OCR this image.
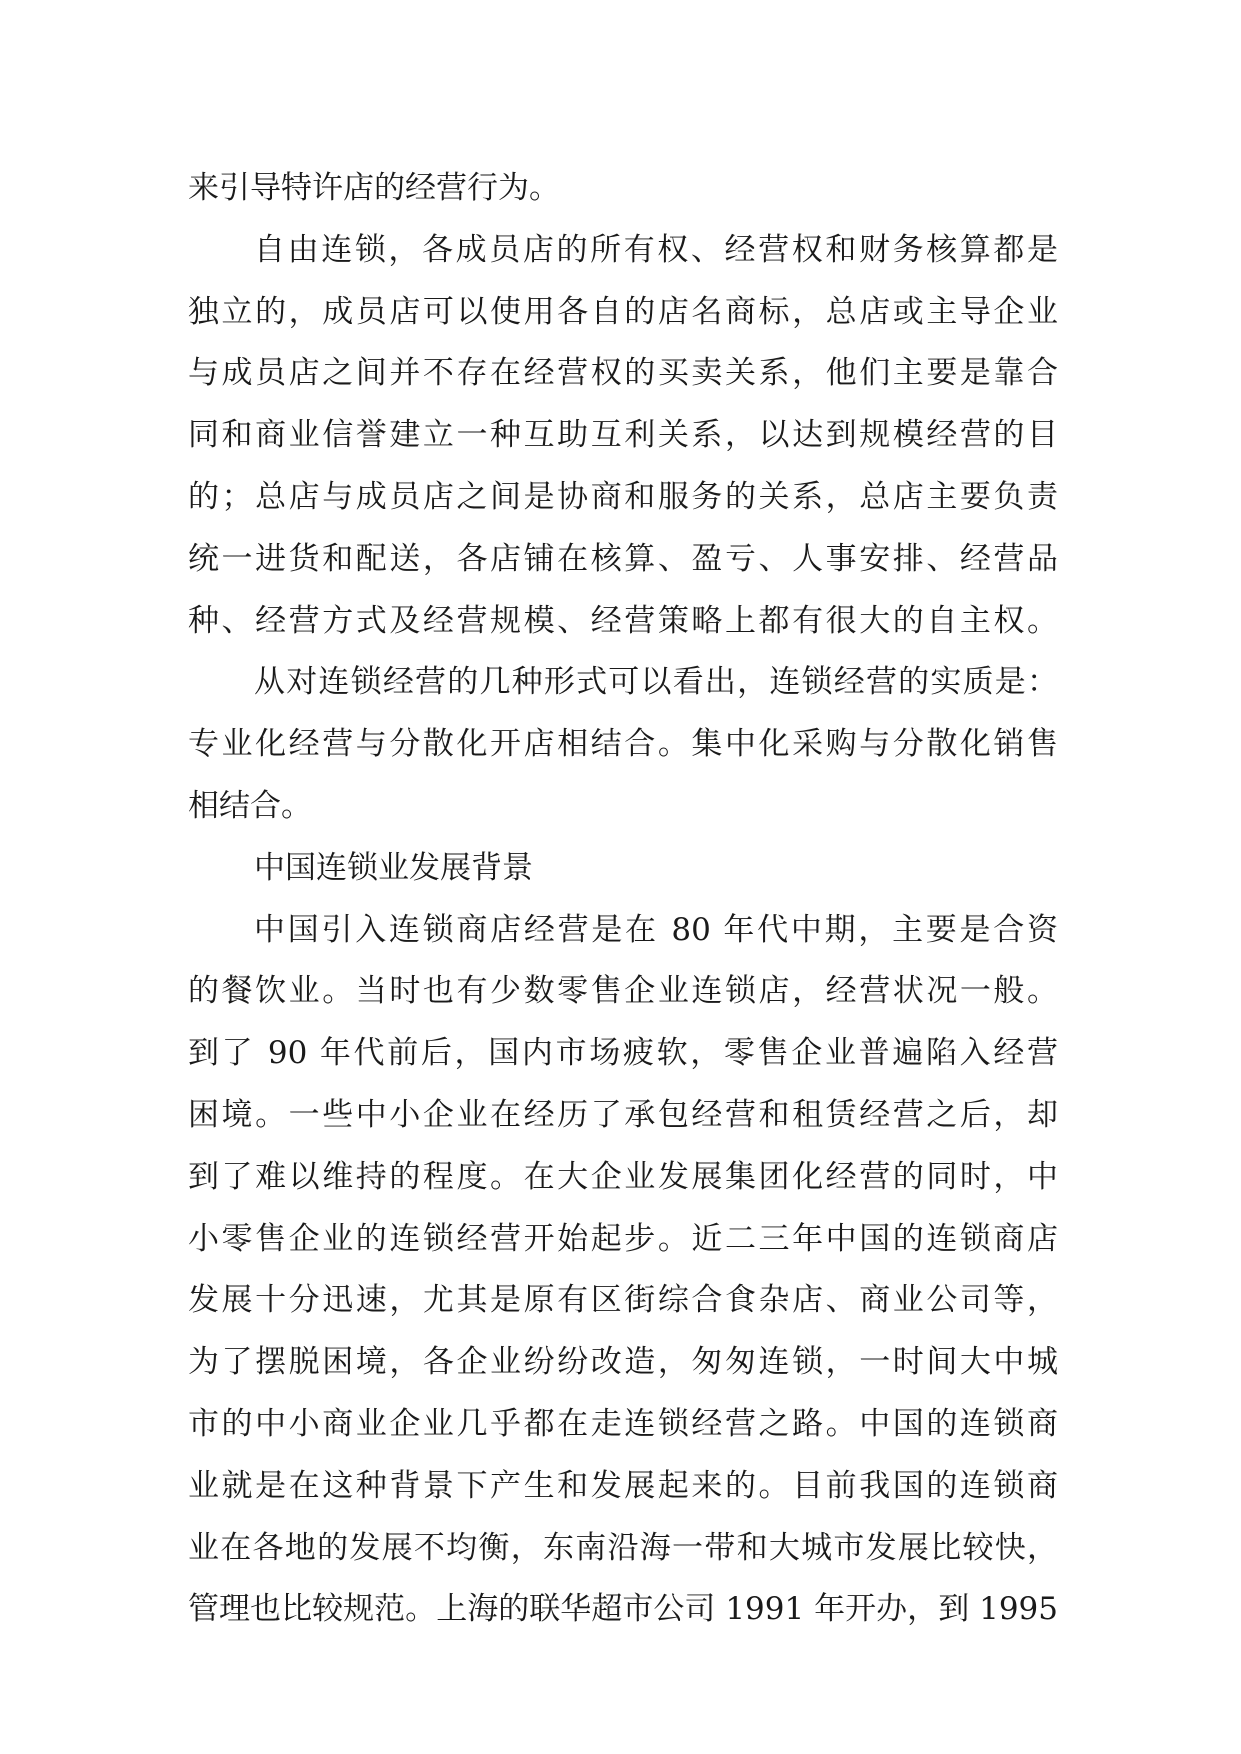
来引导特许店的经营行为。
自由连锁，各成员店的所有权、经营权和财务核算都是
独立的，成员店可以使用各自的店名商标，总店或主导企业
与成员店之间并不存在经营权的买卖关系，他们主要是靠合
同和商业信誉建立一种互助互利关系，以达到规模经营的目
的；总店与成员店之间是协商和服务的关系，总店主要负责
统一进货和配送，各店铺在核算、盈亏、人事安排、经营品
种、经营方式及经营规模、经营策略上都有很大的自主权。
从对连锁经营的几种形式可以看出，连锁经营的实质是：
专业化经营与分散化开店相结合。集中化采购与分散化销售
相结合。
中国连锁业发展背景
中国引入连锁商店经营是在 80 年代中期，主要是合资
的餐饮业。当时也有少数零售企业连锁店，经营状况一般。
到了 90 年代前后，国内市场疲软，零售企业普遍陷入经营
困境。一些中小企业在经历了承包经营和租赁经营之后，却
到了难以维持的程度。在大企业发展集团化经营的同时，中
小零售企业的连锁经营开始起步。近二三年中国的连锁商店
发展十分迅速，尤其是原有区街综合食杂店、商业公司等，
为了摆脱困境，各企业纷纷改造，匆匆连锁，一时间大中城
市的中小商业企业几乎都在走连锁经营之路。中国的连锁商
业就是在这种背景下产生和发展起来的。目前我国的连锁商
业在各地的发展不均衡，东南沿海一带和大城市发展比较快，
管理也比较规范。上海的联华超市公司 1991 年开办，到 1995
